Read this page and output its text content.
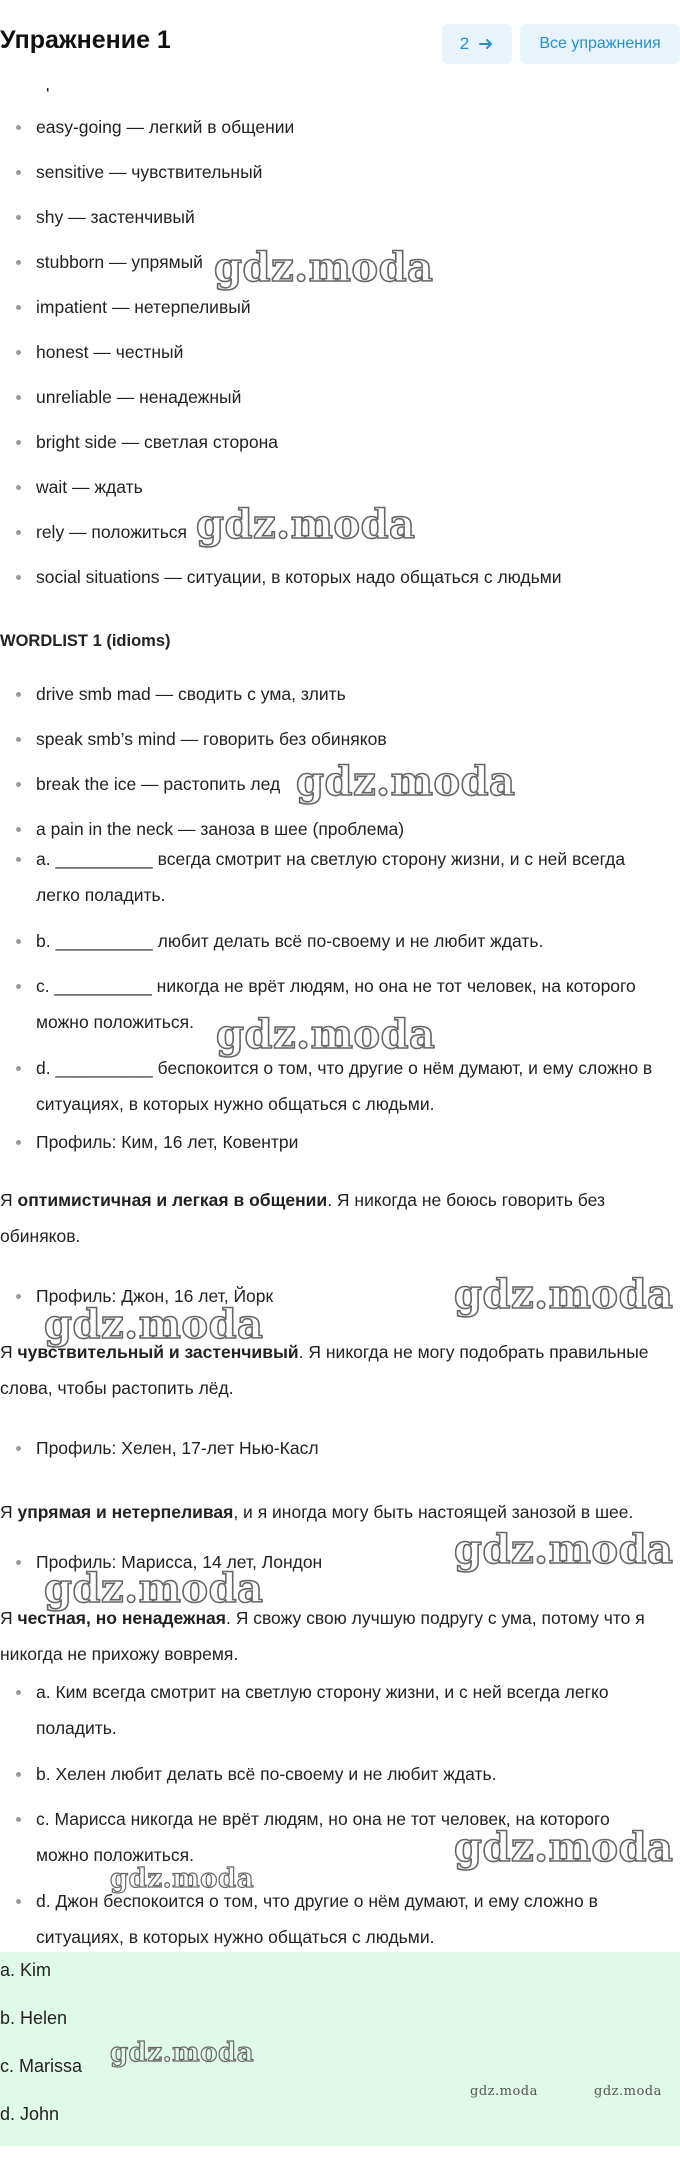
Упражнение 1	2	Все упражнения
easy-going — легкий в общении
sensitive — чувствительный
shy — застенчивый
stubborn — упрямый
impatient — нетерпеливый
honest — честный
unreliable — ненадежный
bright side — светлая сторона
wait — ждать
rely — положиться
social situations — ситуации, в которых надо общаться с людьми
WORDLIST 1 (idioms)
drive smb mad — сводить с ума, злить
speak smb’s mind — говорить без обиняков
break the ice — растопить лед
a pain in the neck — заноза в шее (проблема)
a. __________ всегда смотрит на светлую сторону жизни, и с ней всегда легко поладить.
b. __________ любит делать всё по-своему и не любит ждать.
c. __________ никогда не врёт людям, но она не тот человек, на которого можно положиться.
d. __________ беспокоится о том, что другие о нём думают, и ему сложно в ситуациях, в которых нужно общаться с людьми.
Профиль: Ким, 16 лет, Ковентри
Я оптимистичная и легкая в общении. Я никогда не боюсь говорить без обиняков.
Профиль: Джон, 16 лет, Йорк
Я чувствительный и застенчивый. Я никогда не могу подобрать правильные слова, чтобы растопить лёд.
Профиль: Хелен, 17-лет Нью-Касл
Я упрямая и нетерпеливая, и я иногда могу быть настоящей занозой в шее.
Профиль: Марисса, 14 лет, Лондон
Я честная, но ненадежная. Я свожу свою лучшую подругу с ума, потому что я никогда не прихожу вовремя.
a. Ким всегда смотрит на светлую сторону жизни, и с ней всегда легко поладить.
b. Хелен любит делать всё по-своему и не любит ждать.
c. Марисса никогда не врёт людям, но она не тот человек, на которого можно положиться.
d. Джон беспокоится о том, что другие о нём думают, и ему сложно в ситуациях, в которых нужно общаться с людьми.
a. Kim
b. Helen
c. Marissa
d. John
gdz.moda
gdz.moda
gdz.moda
gdz.moda
gdz.moda
gdz.moda
gdz.moda
gdz.moda
gdz.moda
gdz.moda
gdz.moda
gdz.moda	gdz.moda
